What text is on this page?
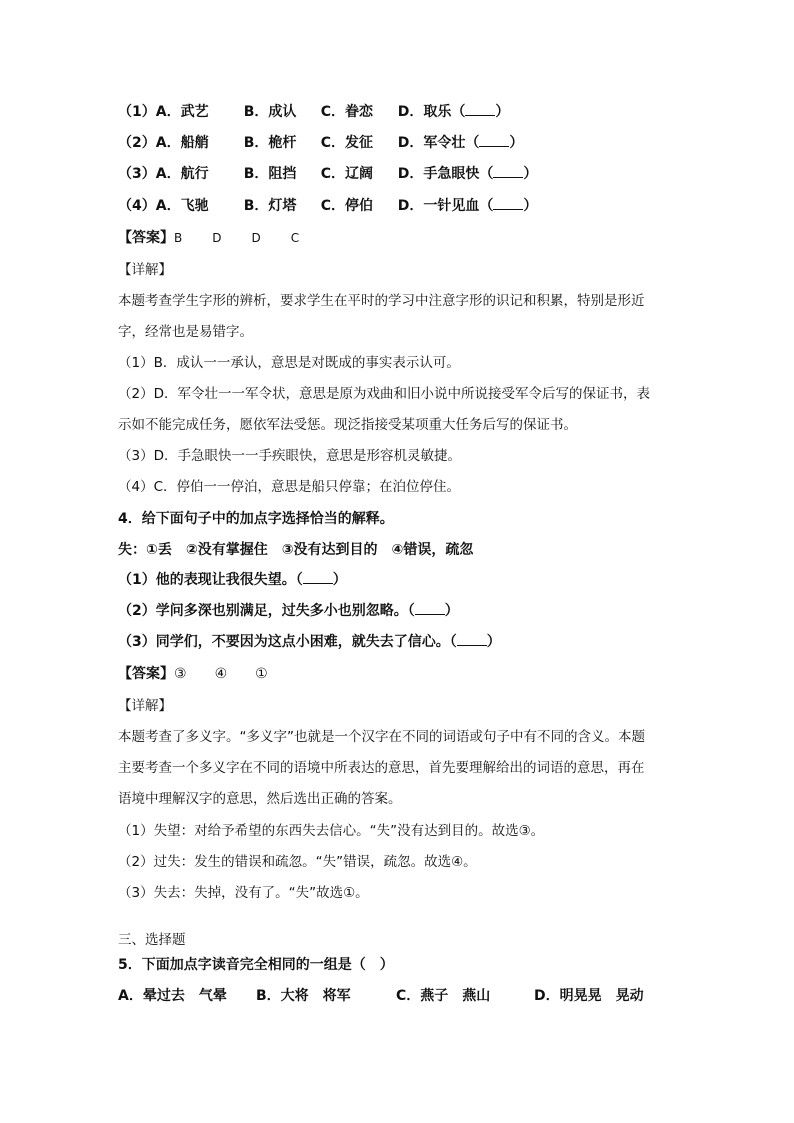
（1）A．武艺	B．成认 C．眷恋 D．取乐（ ）
（2）A．船艄	B．桅杆 C．发征 D．军令壮（ ）
（3）A．航行	B．阻挡 C．辽阔 D．手急眼快（ ）
（4）A．飞驰	B．灯塔 C．停伯 D．一针见血（ ）
【答案】B	D	D	C
【详解】
本题考查学生字形的辨析，要求学生在平时的学习中注意字形的识记和积累，特别是形近
字，经常也是易错字。
（1）B．成认一一承认，意思是对既成的事实表示认可。
（2）D．军令壮一一军令状，意思是原为戏曲和旧小说中所说接受军令后写的保证书，表
示如不能完成任务，愿依军法受惩。现泛指接受某项重大任务后写的保证书。
（3）D．手急眼快一一手疾眼快，意思是形容机灵敏捷。
（4）C．停伯一一停泊，意思是船只停靠；在泊位停住。
4．给下面句子中的加点字选择恰当的解释。
失：①丢　②没有掌握住　③没有达到目的　④错误，疏忽
（1）他的表现让我很失望。（ ）
（2）学问多深也别满足，过失多小也别忽略。（ ）
（3）同学们，不要因为这点小困难，就失去了信心。（ ）
【答案】③ ④ ①
【详解】
本题考查了多义字。“多义字”也就是一个汉字在不同的词语或句子中有不同的含义。本题
主要考查一个多义字在不同的语境中所表达的意思，首先要理解给出的词语的意思，再在
语境中理解汉字的意思，然后选出正确的答案。
（1）失望：对给予希望的东西失去信心。“失”没有达到目的。故选③。
（2）过失：发生的错误和疏忽。“失”错误，疏忽。故选④。
（3）失去：失掉，没有了。“失”故选①。
三、选择题
5．下面加点字读音完全相同的一组是（　）
A．晕过去　气晕 B．大将　将军	C．燕子　燕山	D．明晃晃　晃动
